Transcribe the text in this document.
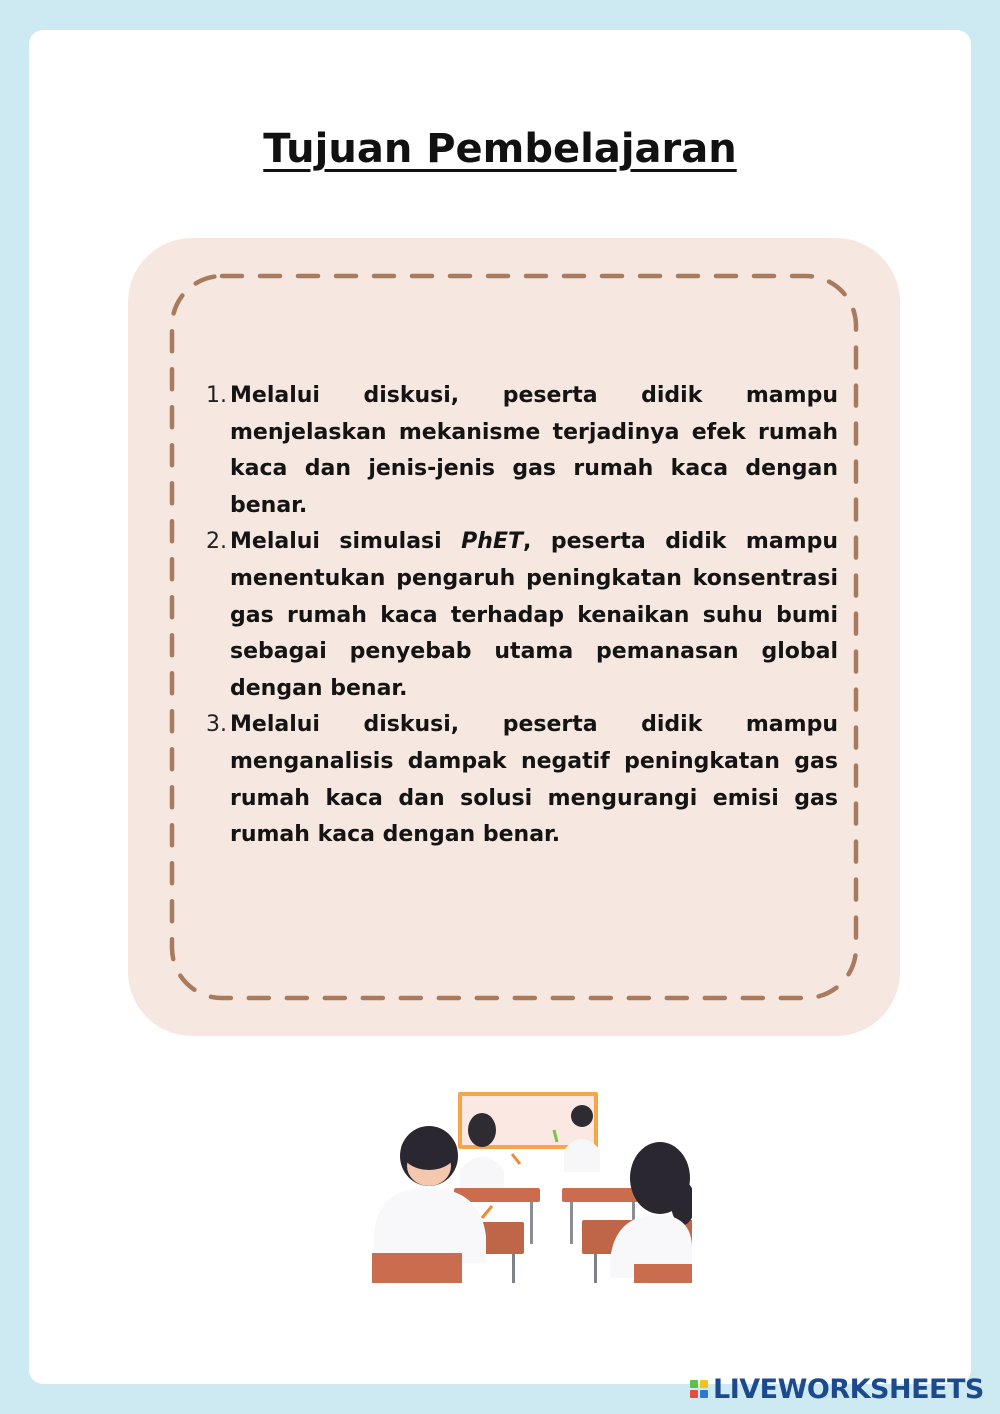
Tujuan Pembelajaran
1. Melalui diskusi, peserta didik mampu menjelaskan mekanisme terjadinya efek rumah kaca dan jenis-jenis gas rumah kaca dengan benar.
2. Melalui simulasi PhET, peserta didik mampu menentukan pengaruh peningkatan konsentrasi gas rumah kaca terhadap kenaikan suhu bumi sebagai penyebab utama pemanasan global dengan benar.
3. Melalui diskusi, peserta didik mampu menganalisis dampak negatif peningkatan gas rumah kaca dan solusi mengurangi emisi gas rumah kaca dengan benar.
LIVEWORKSHEETS
